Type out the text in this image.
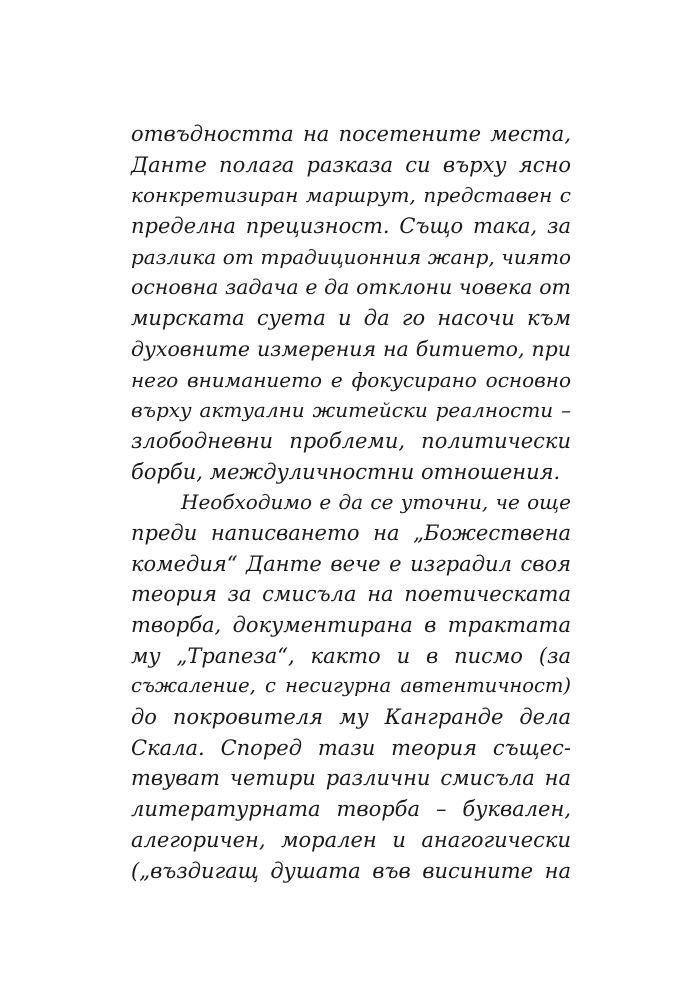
отвъдността на посетените места,
Данте полага разказа си върху ясно
конкретизиран маршрут, представен с
пределна прецизност. Също така, за
разлика от традиционния жанр, чиято
основна задача е да отклони човека от
мирската суета и да го насочи към
духовните измерения на битието, при
него вниманието е фокусирано основно
върху актуални житейски реалности –
злободневни проблеми, политически
борби, междуличностни отношения.
Необходимо е да се уточни, че още
преди написването на „Божествена
комедия“ Данте вече е изградил своя
теория за смисъла на поетическата
творба, документирана в трактата
му „Трапеза“, както и в писмо (за
съжаление, с несигурна автентичност)
до покровителя му Кангранде дела
Скала. Според тази теория същес-
твуват четири различни смисъла на
литературната творба – буквален,
алегоричен, морален и анагогически
(„въздигащ душата във висините на
